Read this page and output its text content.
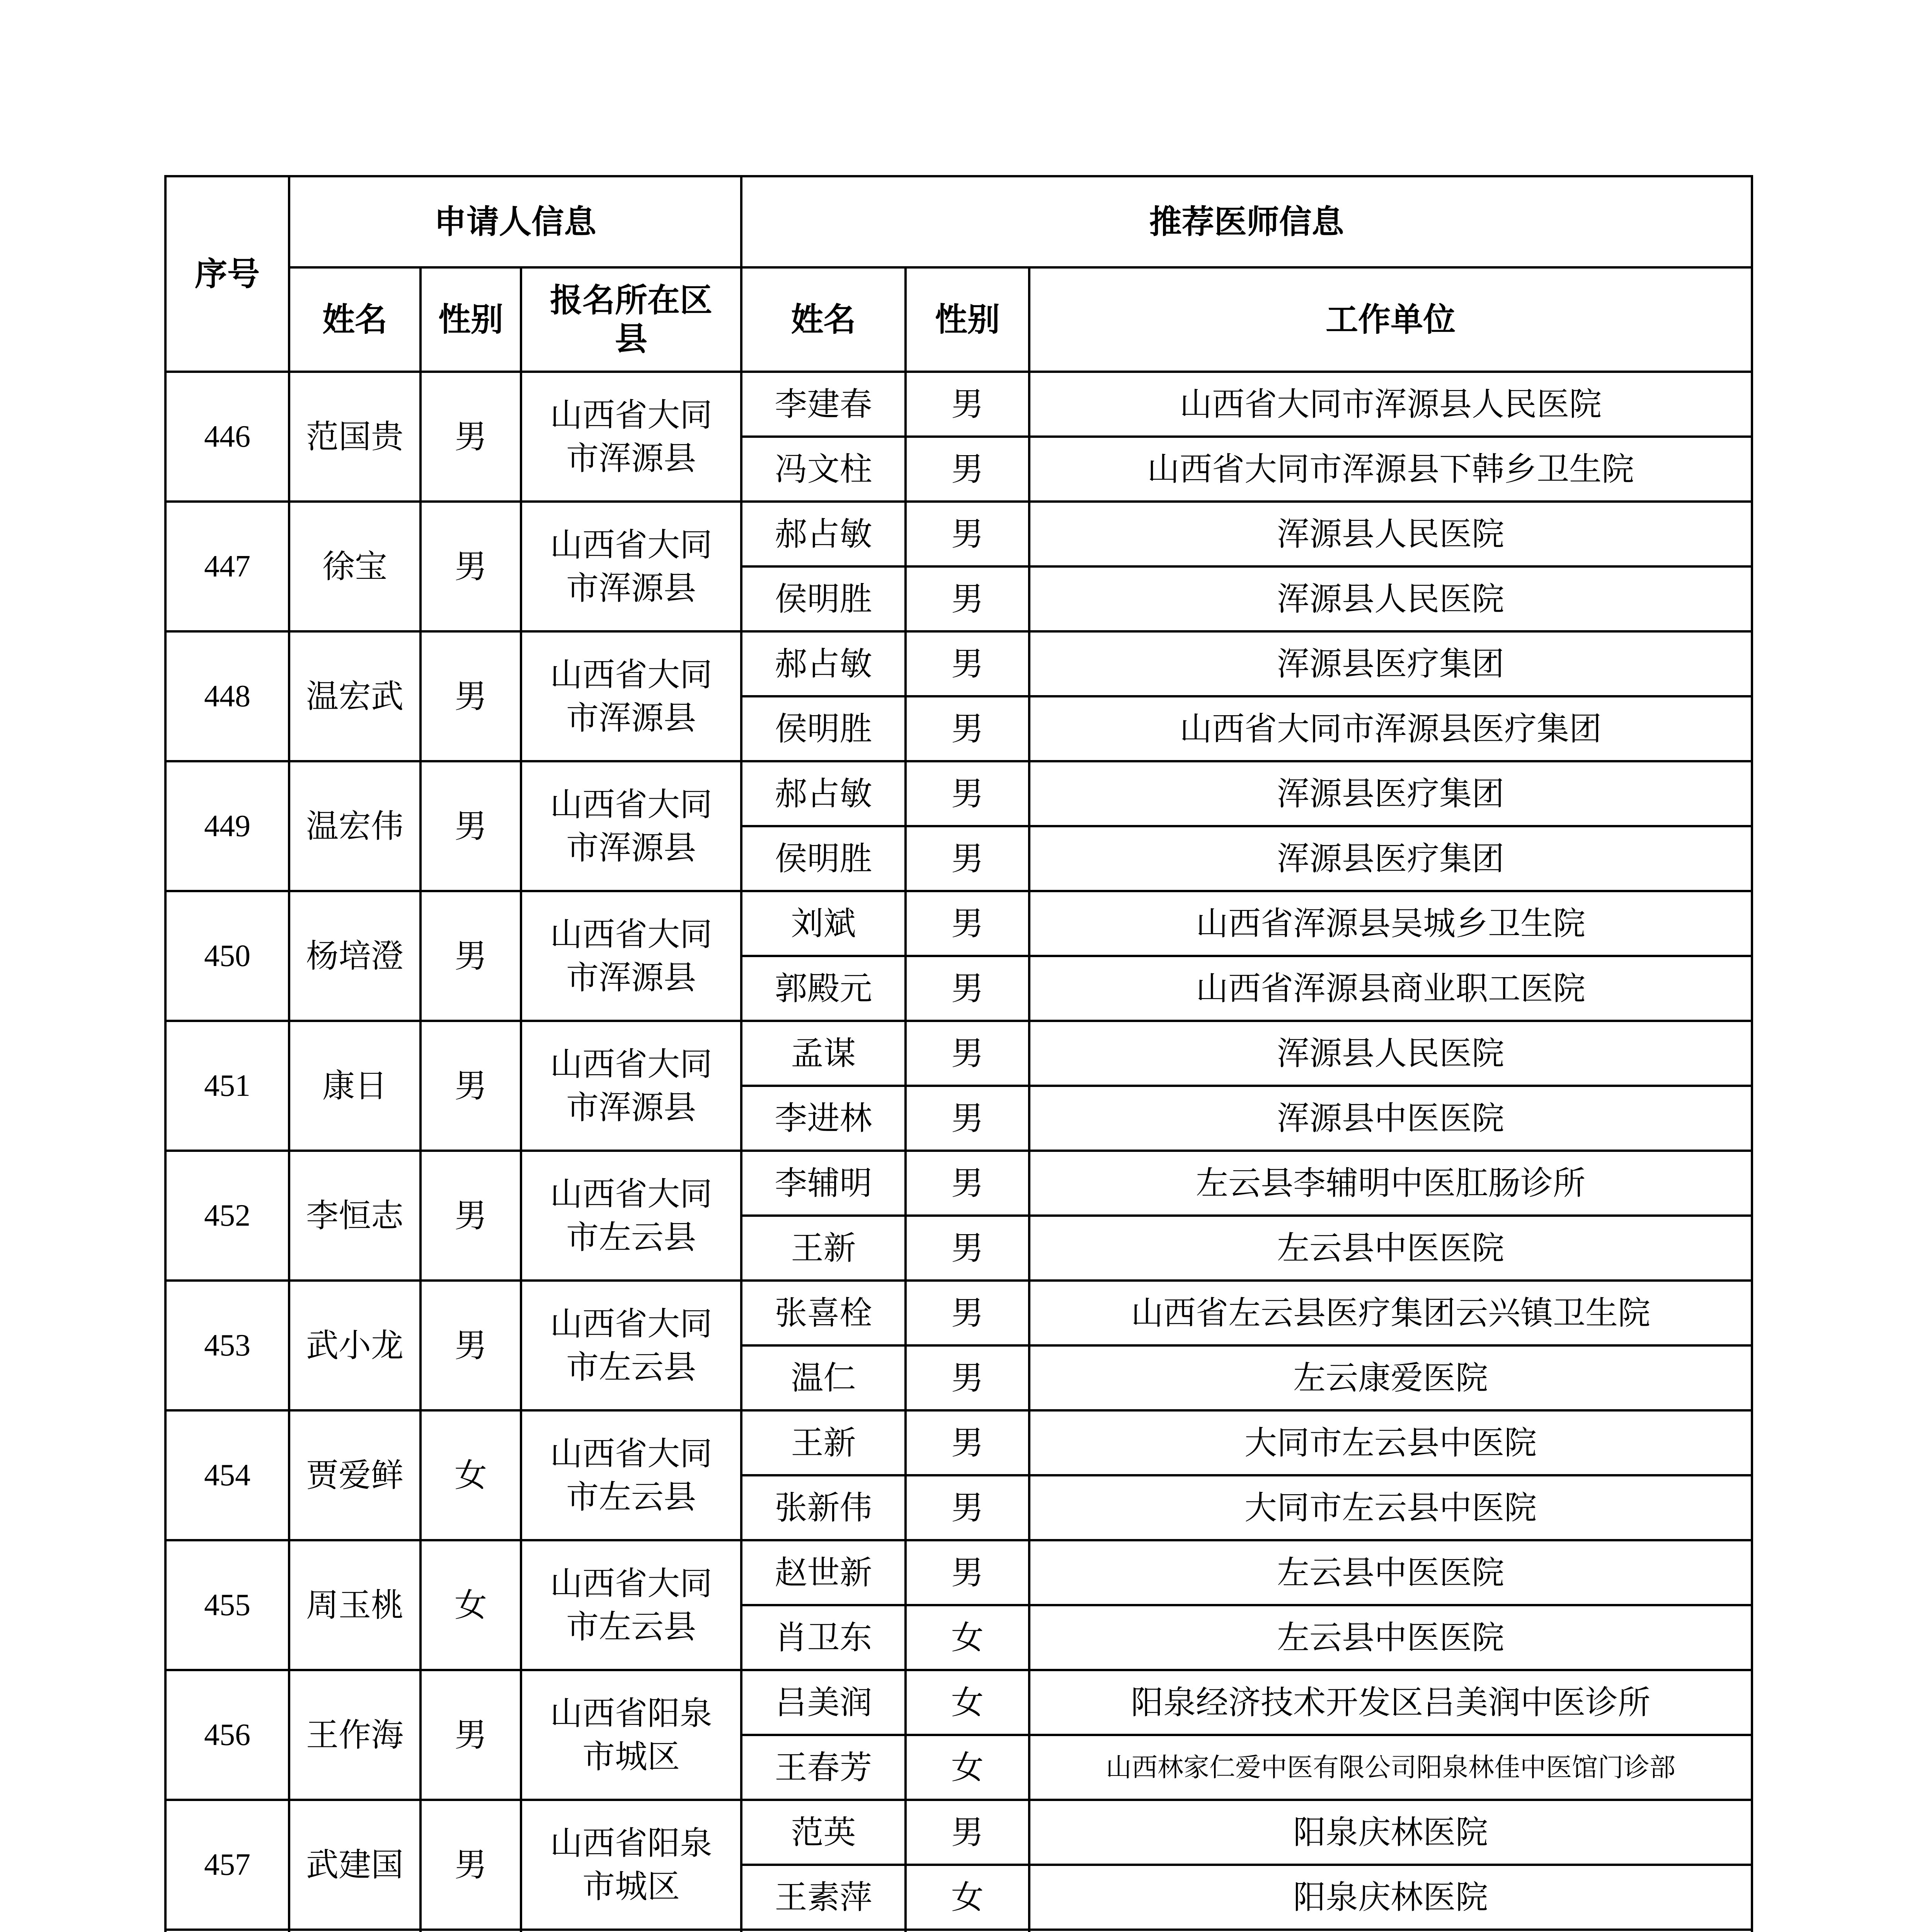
序号	申请人信息			推荐医师信息		
	姓名	性别	报名所在区县	姓名	性别	工作单位
446	范国贵	男	山西省大同市浑源县	李建春	男	山西省大同市浑源县人民医院
				冯文柱	男	山西省大同市浑源县下韩乡卫生院
447	徐宝	男	山西省大同市浑源县	郝占敏	男	浑源县人民医院
				侯明胜	男	浑源县人民医院
448	温宏武	男	山西省大同市浑源县	郝占敏	男	浑源县医疗集团
				侯明胜	男	山西省大同市浑源县医疗集团
449	温宏伟	男	山西省大同市浑源县	郝占敏	男	浑源县医疗集团
				侯明胜	男	浑源县医疗集团
450	杨培澄	男	山西省大同市浑源县	刘斌	男	山西省浑源县吴城乡卫生院
				郭殿元	男	山西省浑源县商业职工医院
451	康日	男	山西省大同市浑源县	孟谋	男	浑源县人民医院
				李进林	男	浑源县中医医院
452	李恒志	男	山西省大同市左云县	李辅明	男	左云县李辅明中医肛肠诊所
				王新	男	左云县中医医院
453	武小龙	男	山西省大同市左云县	张喜栓	男	山西省左云县医疗集团云兴镇卫生院
				温仁	男	左云康爱医院
454	贾爱鲜	女	山西省大同市左云县	王新	男	大同市左云县中医院
				张新伟	男	大同市左云县中医院
455	周玉桃	女	山西省大同市左云县	赵世新	男	左云县中医医院
				肖卫东	女	左云县中医医院
456	王作海	男	山西省阳泉市城区	吕美润	女	阳泉经济技术开发区吕美润中医诊所
				王春芳	女	山西林家仁爱中医有限公司阳泉林佳中医馆门诊部
457	武建国	男	山西省阳泉市城区	范英	男	阳泉庆林医院
				王素萍	女	阳泉庆林医院
